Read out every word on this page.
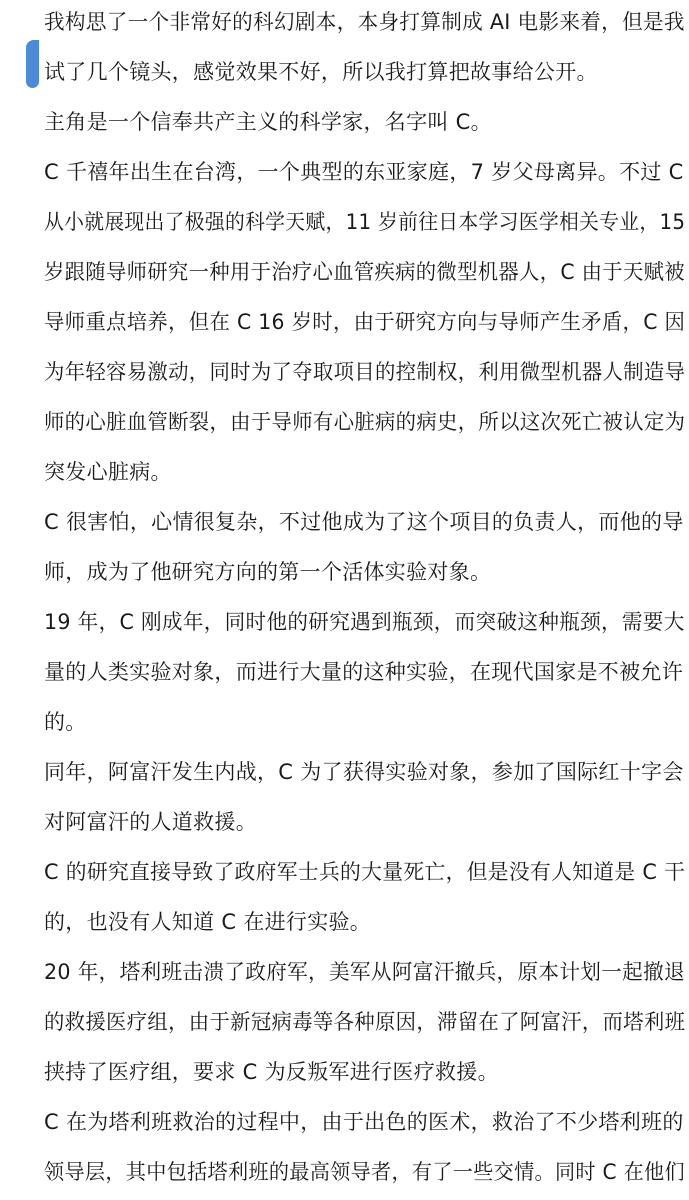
我构思了一个非常好的科幻剧本，本身打算制成 AI 电影来着，但是我
试了几个镜头，感觉效果不好，所以我打算把故事给公开。
主角是一个信奉共产主义的科学家，名字叫 C。
C 千禧年出生在台湾，一个典型的东亚家庭，7 岁父母离异。不过 C
从小就展现出了极强的科学天赋，11 岁前往日本学习医学相关专业，15
岁跟随导师研究一种用于治疗心血管疾病的微型机器人，C 由于天赋被
导师重点培养，但在 C 16 岁时，由于研究方向与导师产生矛盾，C 因
为年轻容易激动，同时为了夺取项目的控制权，利用微型机器人制造导
师的心脏血管断裂，由于导师有心脏病的病史，所以这次死亡被认定为
突发心脏病。
C 很害怕，心情很复杂，不过他成为了这个项目的负责人，而他的导
师，成为了他研究方向的第一个活体实验对象。
19 年，C 刚成年，同时他的研究遇到瓶颈，而突破这种瓶颈，需要大
量的人类实验对象，而进行大量的这种实验，在现代国家是不被允许
的。
同年，阿富汗发生内战，C 为了获得实验对象，参加了国际红十字会
对阿富汗的人道救援。
C 的研究直接导致了政府军士兵的大量死亡，但是没有人知道是 C 干
的，也没有人知道 C 在进行实验。
20 年，塔利班击溃了政府军，美军从阿富汗撤兵，原本计划一起撤退
的救援医疗组，由于新冠病毒等各种原因，滞留在了阿富汗，而塔利班
挟持了医疗组，要求 C 为反叛军进行医疗救援。
C 在为塔利班救治的过程中，由于出色的医术，救治了不少塔利班的
领导层，其中包括塔利班的最高领导者，有了一些交情。同时 C 在他们
